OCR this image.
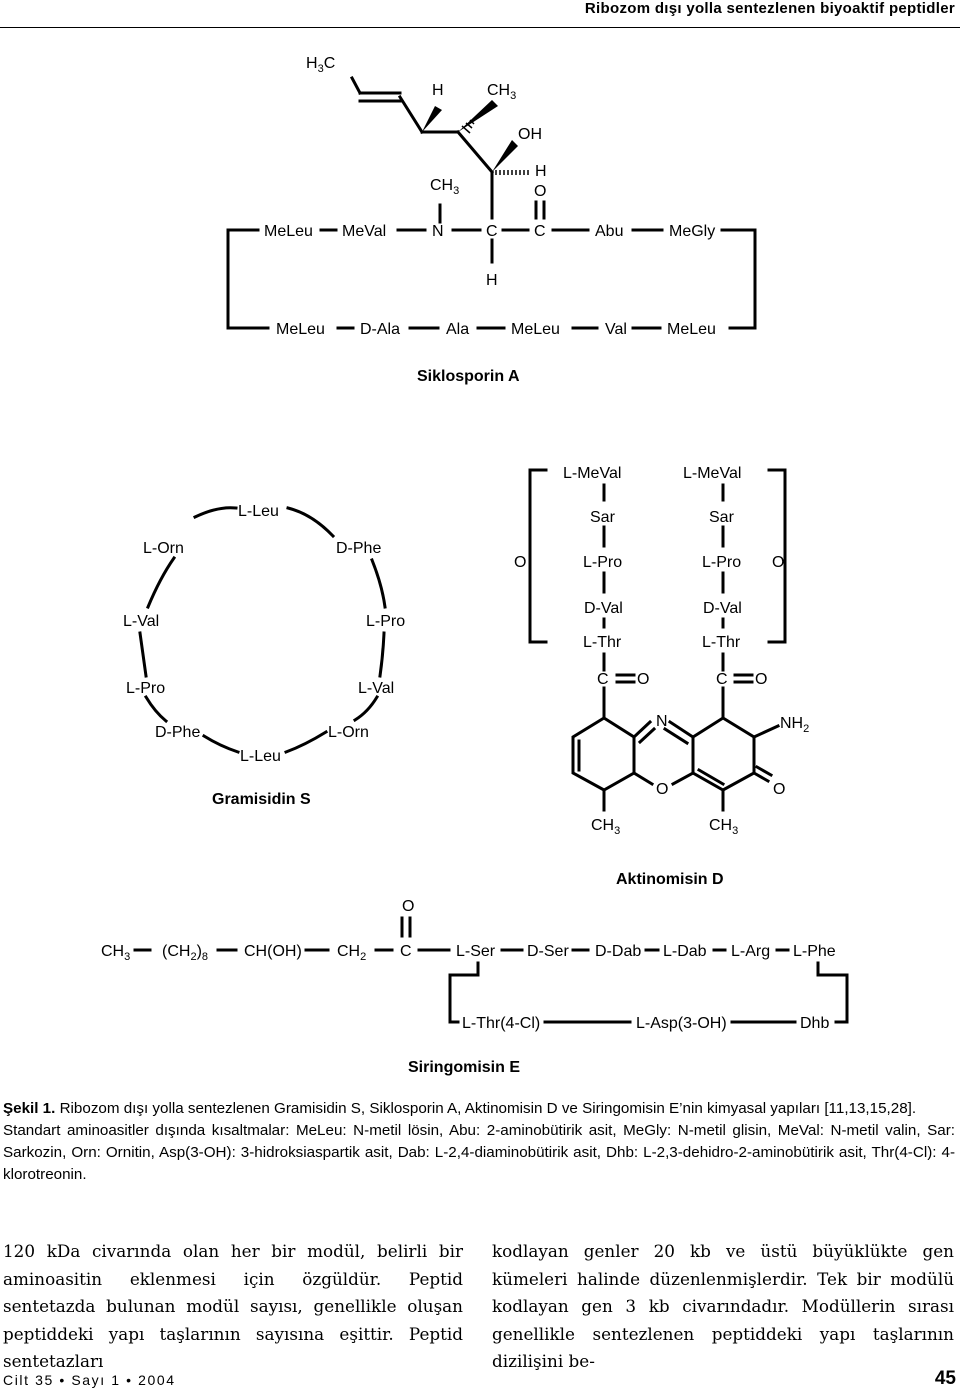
Ribozom dışı yolla sentezlenen biyoaktif peptidler
$H_3C$
H	$CH_3$
OH
H
O
$CH_3$
H
MeLeu MeVal	N	C C	Abu	MeGly
MeLeu D-Ala	Ala	MeLeu	Val	MeLeu
Siklosporin A
L-Leu
D-Phe
L-Pro
L-Val
L-Orn
L-Leu
D-Phe
L-Pro
L-Val
L-Orn
Gramisidin S
L-MeVal
Sar
L-Pro
D-Val
L-Thr
L-MeVal
Sar
L-Pro
D-Val
L-Thr
O	O
C O	C O
N	$NH_2$
O	O
$CH_3$	$CH_3$
Aktinomisin D
O
$CH_3$ $(CH_2)_8$ CH(OH) $CH_2$ C	L-Ser D-Ser D-Dab L-Dab L-Arg L-Phe
L-Thr(4-Cl)	L-Asp(3-OH)	Dhb
Siringomisin E

Şekil 1. Ribozom dışı yolla sentezlenen Gramisidin S, Siklosporin A, Aktinomisin D ve Siringomisin E’nin kimyasal yapıları [11,13,15,28].

Standart aminoasitler dışında kısaltmalar: MeLeu: N-metil lösin, Abu: 2-aminobütirik asit, MeGly: N-metil glisin, MeVal: N-metil valin, Sar: Sarkozin, Orn: Ornitin, Asp(3-OH): 3-hidroksiaspartik asit, Dab: L-2,4-diaminobütirik asit, Dhb: L-2,3-dehidro-2-aminobütirik asit, Thr(4-Cl): 4-klorotreonin.

120 kDa civarında olan her bir modül, belirli bir aminoasitin eklenmesi için özgüldür. Peptid sentetazda bulunan modül sayısı, genellikle oluşan peptiddeki yapı taşlarının sayısına eşittir. Peptid sentetazları
kodlayan genler 20 kb ve üstü büyüklükte gen kümeleri halinde düzenlenmişlerdir. Tek bir modülü kodlayan gen 3 kb civarındadır. Modüllerin sırası genellikle sentezlenen peptiddeki yapı taşlarının dizilişini be-
Cilt 35 • Sayı 1 • 2004	45
